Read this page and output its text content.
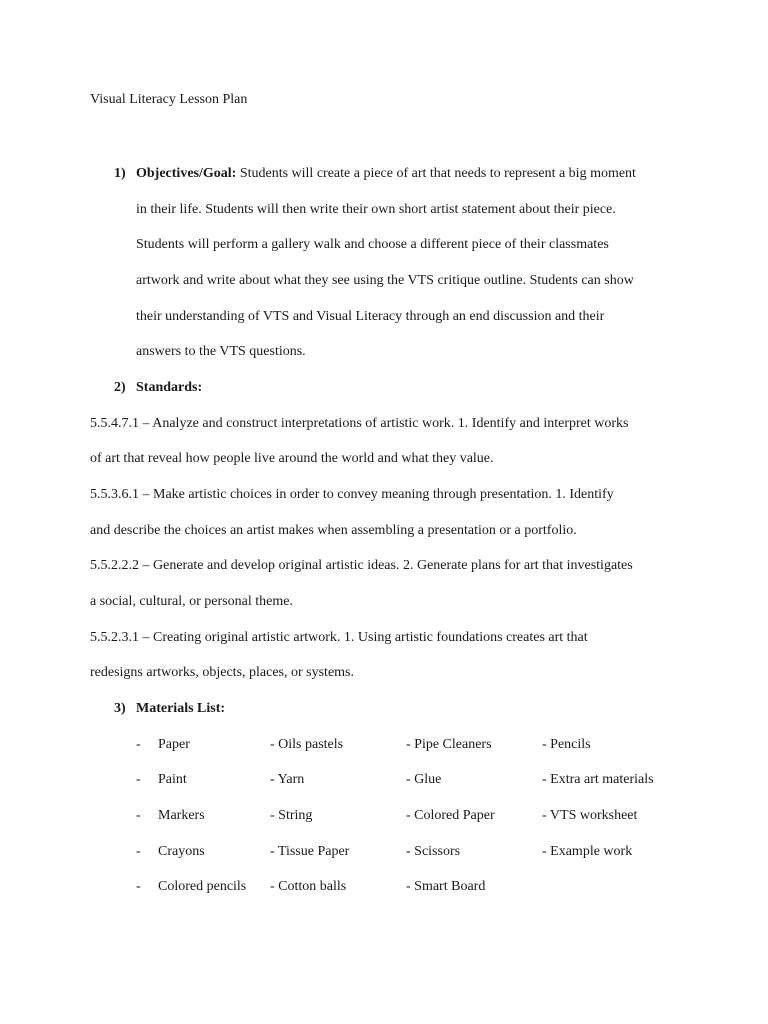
Visual Literacy Lesson Plan
1) Objectives/Goal: Students will create a piece of art that needs to represent a big moment
in their life. Students will then write their own short artist statement about their piece.
Students will perform a gallery walk and choose a different piece of their classmates
artwork and write about what they see using the VTS critique outline. Students can show
their understanding of VTS and Visual Literacy through an end discussion and their
answers to the VTS questions.
2) Standards:
5.5.4.7.1 – Analyze and construct interpretations of artistic work. 1. Identify and interpret works
of art that reveal how people live around the world and what they value.
5.5.3.6.1 – Make artistic choices in order to convey meaning through presentation. 1. Identify
and describe the choices an artist makes when assembling a presentation or a portfolio.
5.5.2.2.2 – Generate and develop original artistic ideas. 2. Generate plans for art that investigates
a social, cultural, or personal theme.
5.5.2.3.1 – Creating original artistic artwork. 1. Using artistic foundations creates art that
redesigns artworks, objects, places, or systems.
3) Materials List:
- Paper	- Oils pastels	- Pipe Cleaners	- Pencils
- Paint	- Yarn	- Glue	- Extra art materials
- Markers	- String	- Colored Paper	- VTS worksheet
- Crayons	- Tissue Paper	- Scissors	- Example work
- Colored pencils - Cotton balls	- Smart Board
